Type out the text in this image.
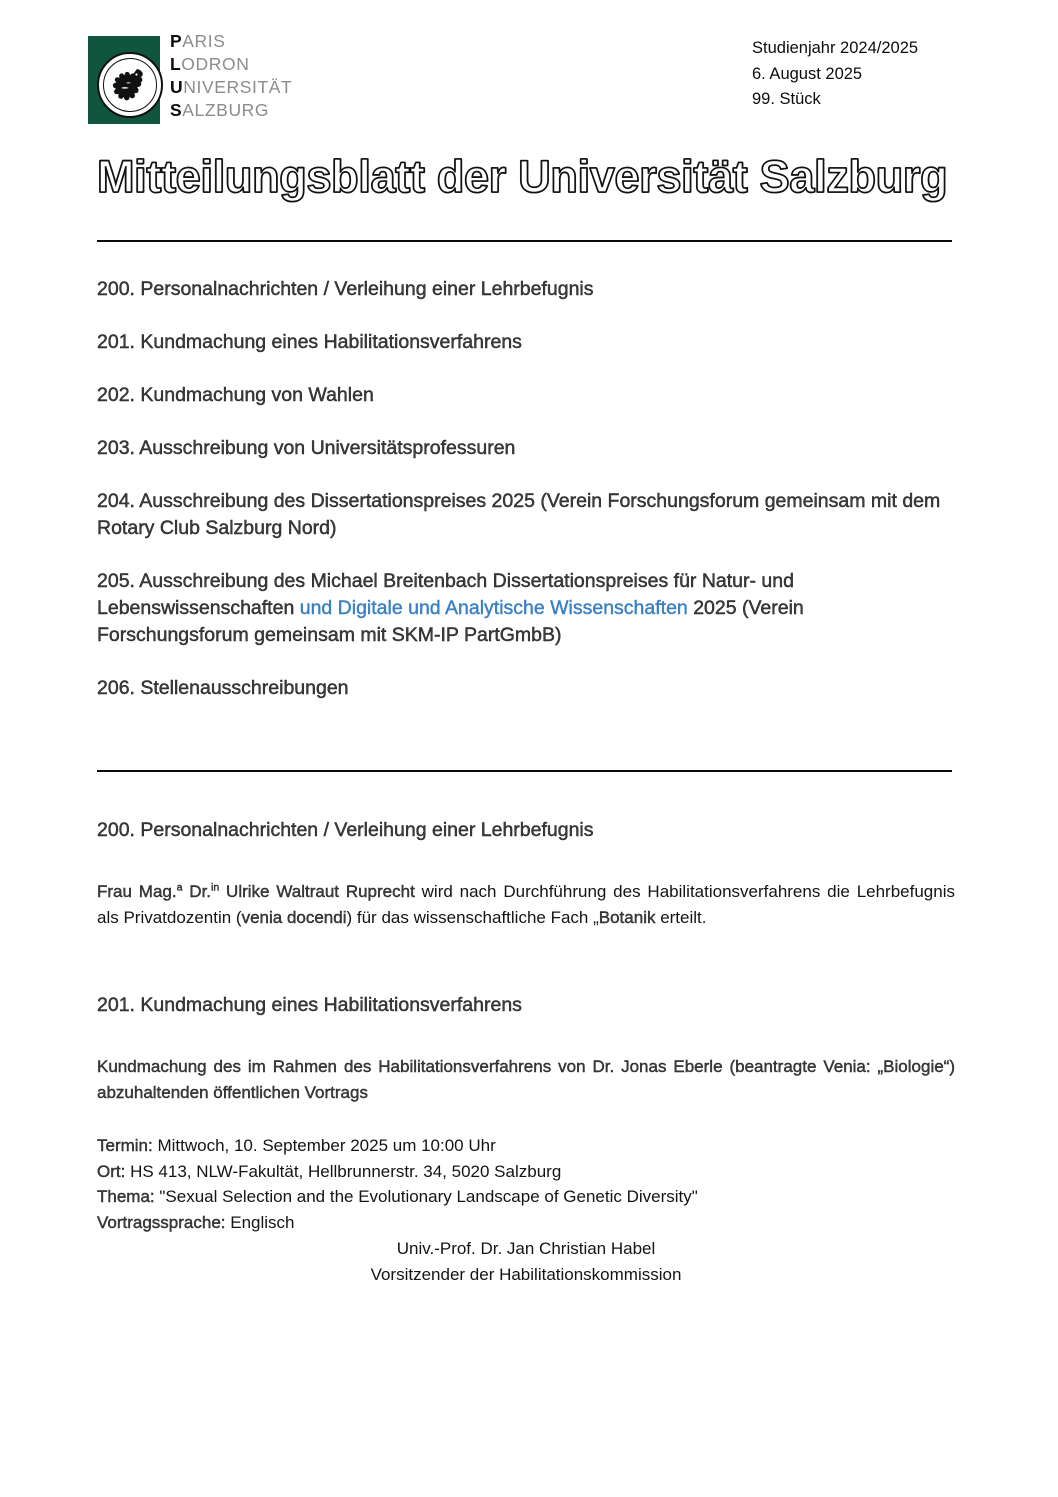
PARIS
LODRON
UNIVERSITÄT
SALZBURG
Studienjahr 2024/2025
6. August 2025
99. Stück
Mitteilungsblatt der Universität Salzburg
200. Personalnachrichten / Verleihung einer Lehrbefugnis
201. Kundmachung eines Habilitationsverfahrens
202. Kundmachung von Wahlen
203. Ausschreibung von Universitätsprofessuren
204. Ausschreibung des Dissertationspreises 2025 (Verein Forschungsforum gemeinsam mit dem Rotary Club Salzburg Nord)
205. Ausschreibung des Michael Breitenbach Dissertationspreises für Natur- und Lebenswissenschaften und Digitale und Analytische Wissenschaften 2025 (Verein Forschungsforum gemeinsam mit SKM-IP PartGmbB)
206. Stellenausschreibungen
200. Personalnachrichten / Verleihung einer Lehrbefugnis

Frau Mag.$^a$ Dr.$^{in}$ Ulrike Waltraut Ruprecht wird nach Durchführung des Habilitationsverfahrens die Lehrbefugnis als Privatdozentin (venia docendi) für das wissenschaftliche Fach „Botanik erteilt.

201. Kundmachung eines Habilitationsverfahrens

Kundmachung des im Rahmen des Habilitationsverfahrens von Dr. Jonas Eberle (beantragte Venia: „Biologie“) abzuhaltenden öffentlichen Vortrags

Termin: Mittwoch, 10. September 2025 um 10:00 Uhr
Ort: HS 413, NLW-Fakultät, Hellbrunnerstr. 34, 5020 Salzburg
Thema: "Sexual Selection and the Evolutionary Landscape of Genetic Diversity"
Vortragssprache: Englisch
Univ.-Prof. Dr. Jan Christian Habel
Vorsitzender der Habilitationskommission
